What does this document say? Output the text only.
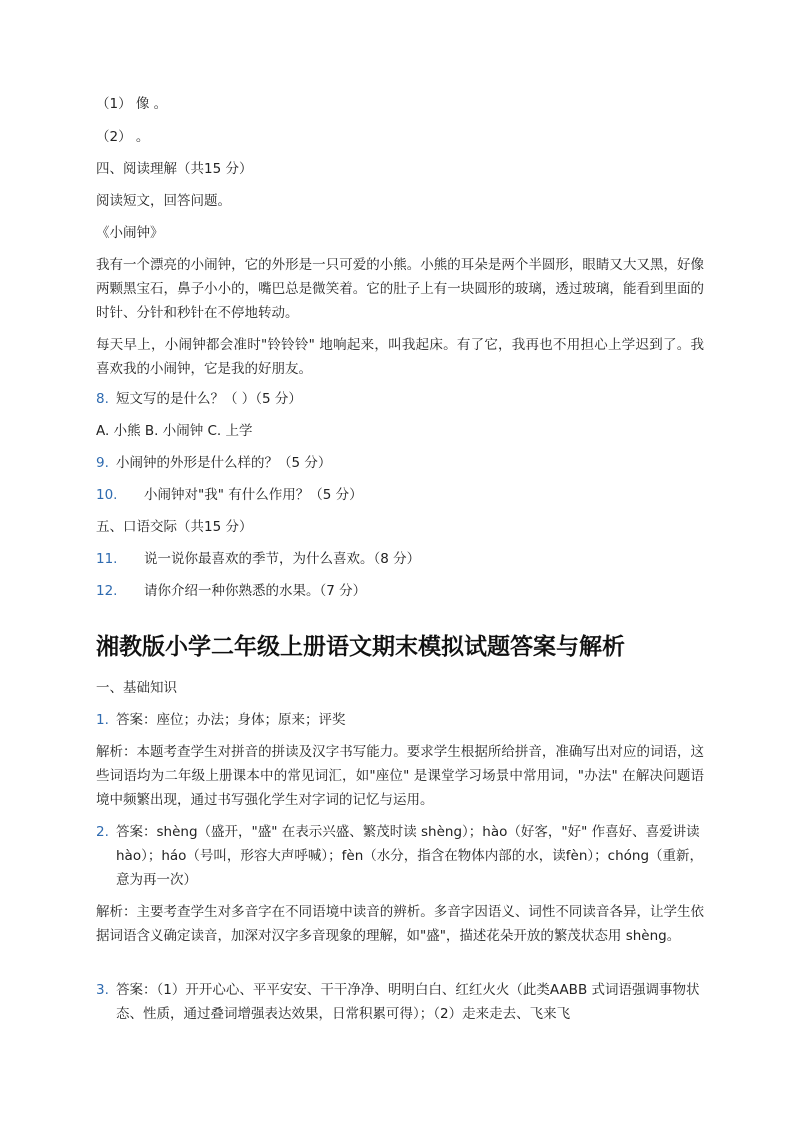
（1） 像 。
（2） 。
四、阅读理解（共15 分）
阅读短文，回答问题。
《小闹钟》
我有一个漂亮的小闹钟，它的外形是一只可爱的小熊。小熊的耳朵是两个半圆形，眼睛又大又黑，好像两颗黑宝石，鼻子小小的，嘴巴总是微笑着。它的肚子上有一块圆形的玻璃，透过玻璃，能看到里面的时针、分针和秒针在不停地转动。
每天早上，小闹钟都会准时"铃铃铃" 地响起来，叫我起床。有了它，我再也不用担心上学迟到了。我喜欢我的小闹钟，它是我的好朋友。
8. 短文写的是什么？（ ）（5 分）
A. 小熊 B. 小闹钟 C. 上学
9. 小闹钟的外形是什么样的？（5 分）
10. 小闹钟对"我" 有什么作用？（5 分）
五、口语交际（共15 分）
11. 说一说你最喜欢的季节，为什么喜欢。（8 分）
12. 请你介绍一种你熟悉的水果。（7 分）
湘教版小学二年级上册语文期末模拟试题答案与解析
一、基础知识
1. 答案：座位；办法；身体；原来；评奖
解析：本题考查学生对拼音的拼读及汉字书写能力。要求学生根据所给拼音，准确写出对应的词语，这些词语均为二年级上册课本中的常见词汇，如"座位" 是课堂学习场景中常用词，"办法" 在解决问题语境中频繁出现，通过书写强化学生对字词的记忆与运用。
2. 答案：shèng（盛开，"盛" 在表示兴盛、繁茂时读 shèng）；hào（好客，"好" 作喜好、喜爱讲读 hào）；háo（号叫，形容大声呼喊）；fèn（水分，指含在物体内部的水，读fèn）；chóng（重新，意为再一次）
解析：主要考查学生对多音字在不同语境中读音的辨析。多音字因语义、词性不同读音各异，让学生依据词语含义确定读音，加深对汉字多音现象的理解，如"盛"，描述花朵开放的繁茂状态用 shèng。
3. 答案：（1）开开心心、平平安安、干干净净、明明白白、红红火火（此类AABB 式词语强调事物状态、性质，通过叠词增强表达效果，日常积累可得）；（2）走来走去、飞来飞
